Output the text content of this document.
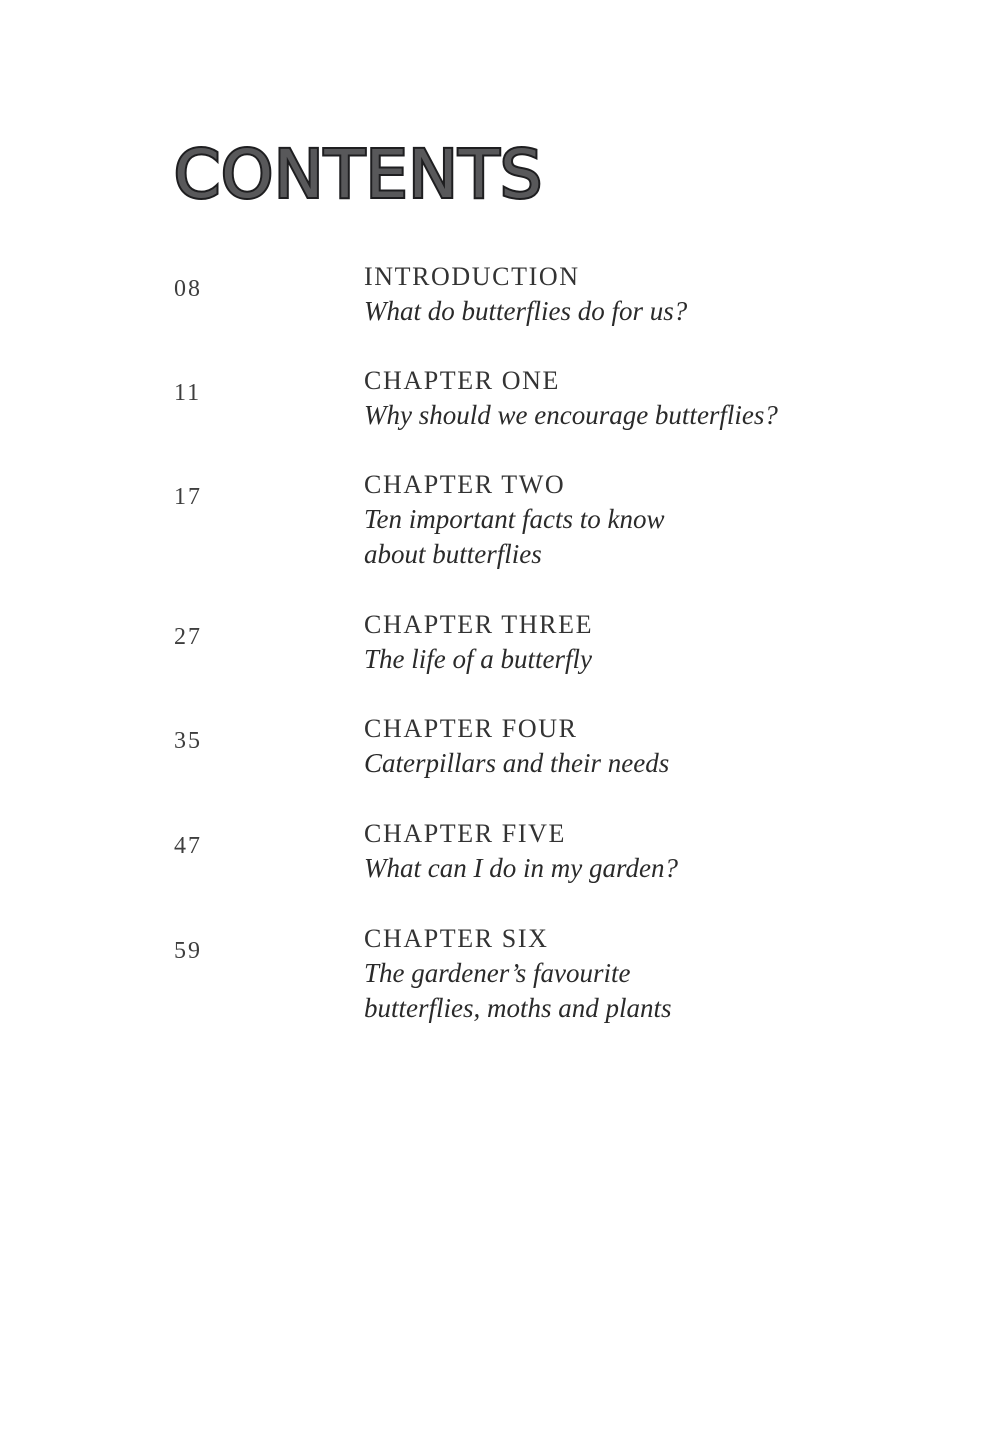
CONTENTS
08	INTRODUCTION
What do butterflies do for us?
11	CHAPTER ONE
Why should we encourage butterflies?
17	CHAPTER TWO
Ten important facts to know about butterflies
27	CHAPTER THREE
The life of a butterfly
35	CHAPTER FOUR
Caterpillars and their needs
47	CHAPTER FIVE
What can I do in my garden?
59	CHAPTER SIX
The gardener’s favourite butterflies, moths and plants
